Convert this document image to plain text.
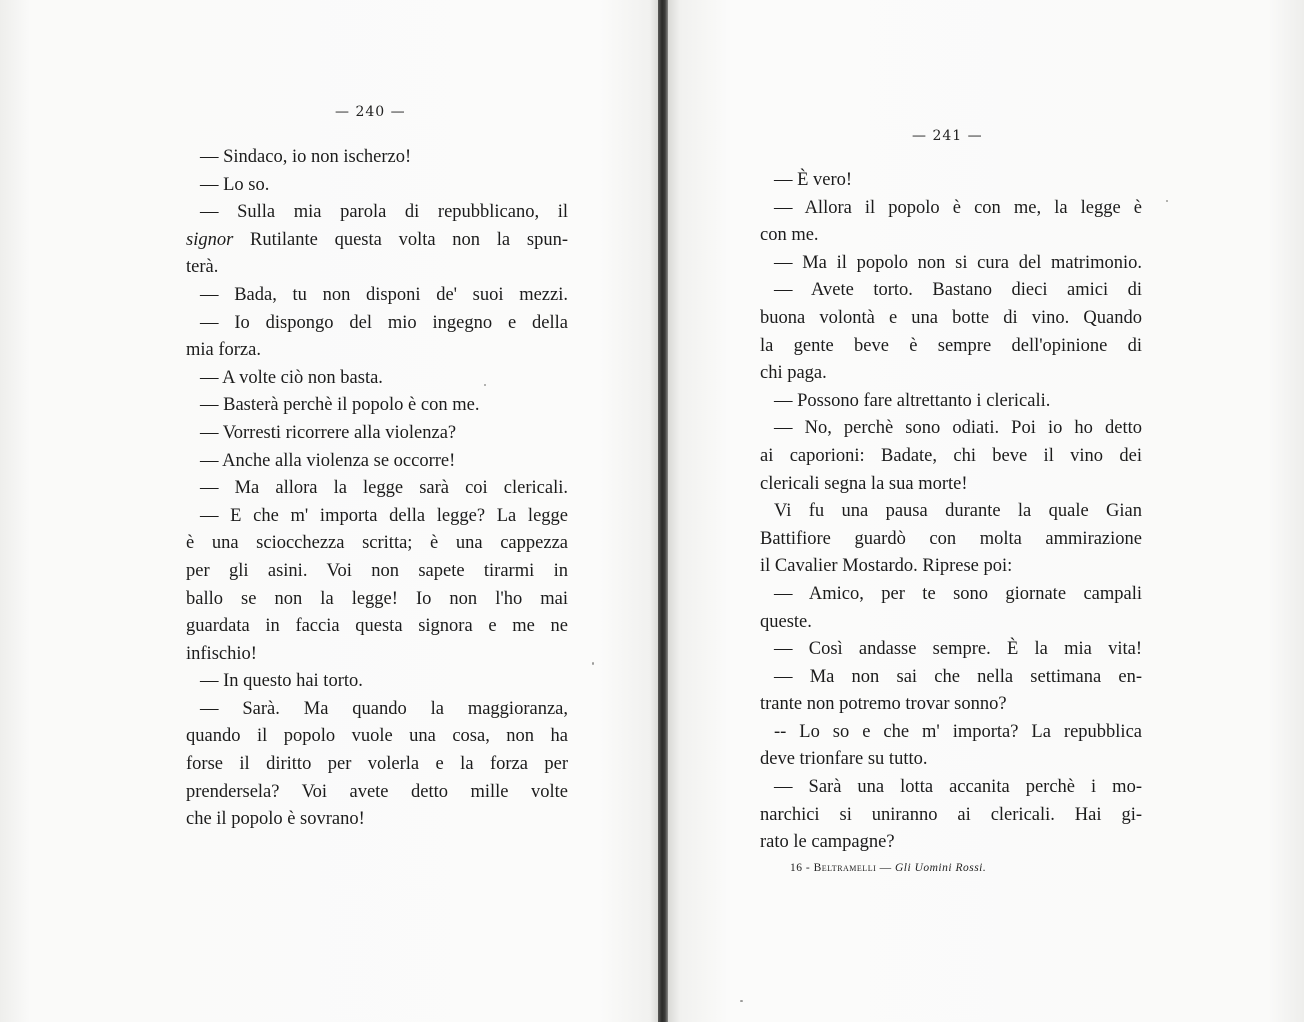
— 240 —
— Sindaco, io non ischerzo!
— Lo so.
— Sulla mia parola di repubblicano, il
signor Rutilante questa volta non la spun-
terà.
— Bada, tu non disponi de' suoi mezzi.
— Io dispongo del mio ingegno e della
mia forza.
— A volte ciò non basta.
— Basterà perchè il popolo è con me.
— Vorresti ricorrere alla violenza?
— Anche alla violenza se occorre!
— Ma allora la legge sarà coi clericali.
— E che m' importa della legge? La legge
è una sciocchezza scritta; è una cappezza
per gli asini. Voi non sapete tirarmi in
ballo se non la legge! Io non l'ho mai
guardata in faccia questa signora e me ne
infischio!
— In questo hai torto.
— Sarà. Ma quando la maggioranza,
quando il popolo vuole una cosa, non ha
forse il diritto per volerla e la forza per
prendersela? Voi avete detto mille volte
che il popolo è sovrano!
— 241 —
— È vero!
— Allora il popolo è con me, la legge è
con me.
— Ma il popolo non si cura del matrimonio.
— Avete torto. Bastano dieci amici di
buona volontà e una botte di vino. Quando
la gente beve è sempre dell'opinione di
chi paga.
— Possono fare altrettanto i clericali.
— No, perchè sono odiati. Poi io ho detto
ai caporioni: Badate, chi beve il vino dei
clericali segna la sua morte!
Vi fu una pausa durante la quale Gian
Battifiore guardò con molta ammirazione
il Cavalier Mostardo. Riprese poi:
— Amico, per te sono giornate campali
queste.
— Così andasse sempre. È la mia vita!
— Ma non sai che nella settimana en-
trante non potremo trovar sonno?
-- Lo so e che m' importa? La repubblica
deve trionfare su tutto.
— Sarà una lotta accanita perchè i mo-
narchici si uniranno ai clericali. Hai gi-
rato le campagne?
16 - Beltramelli — Gli Uomini Rossi.
